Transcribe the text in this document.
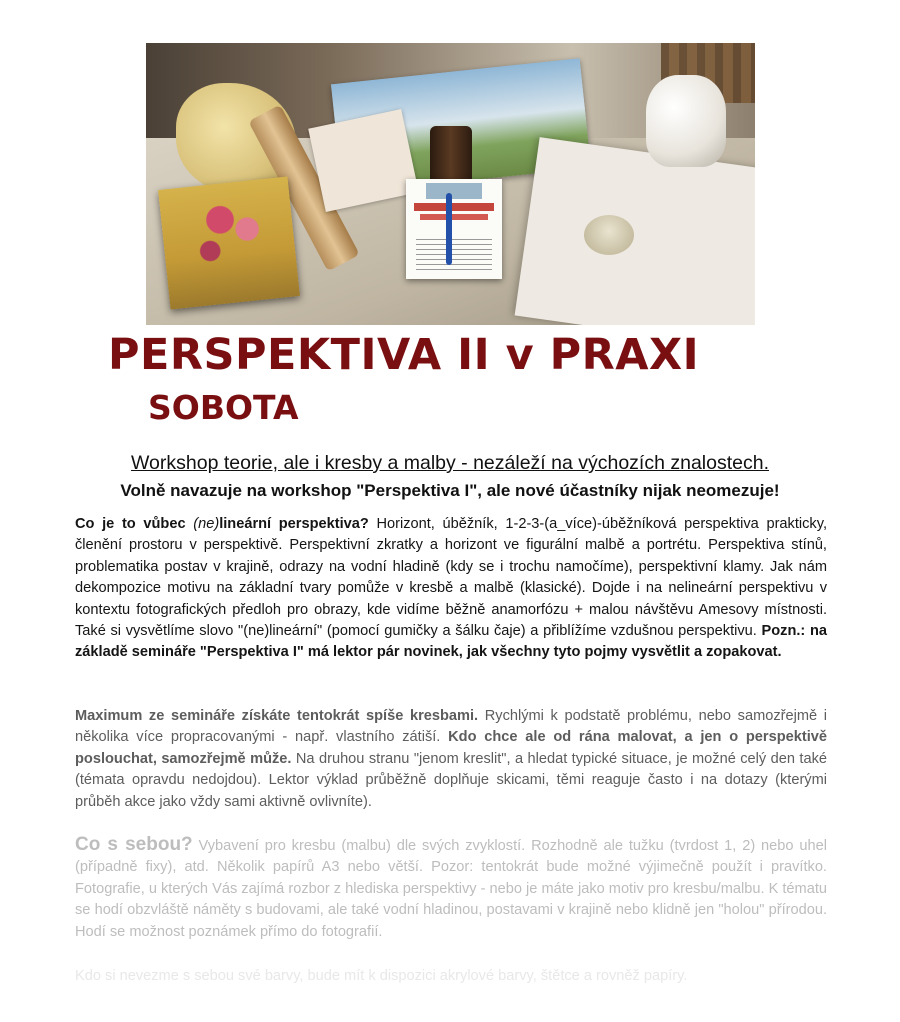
PERSPEKTIVA II v PRAXI
SOBOTA

Workshop teorie, ale i kresby a malby - nezáleží na výchozích znalostech.

Volně navazuje na workshop "Perspektiva I", ale nové účastníky nijak neomezuje!

Co je to vůbec (ne)lineární perspektiva? Horizont, úběžník, 1-2-3-(a_více)-úběžníková perspektiva prakticky, členění prostoru v perspektivě. Perspektivní zkratky a horizont ve figurální malbě a portrétu. Perspektiva stínů, problematika postav v krajině, odrazy na vodní hladině (kdy se i trochu namočíme), perspektivní klamy. Jak nám dekompozice motivu na základní tvary pomůže v kresbě a malbě (klasické). Dojde i na nelineární perspektivu v kontextu fotografických předloh pro obrazy, kde vidíme běžně anamorfózu + malou návštěvu Amesovy místnosti. Také si vysvětlíme slovo "(ne)lineární" (pomocí gumičky a šálku čaje) a přiblížíme vzdušnou perspektivu. Pozn.: na základě semináře "Perspektiva I" má lektor pár novinek, jak všechny tyto pojmy vysvětlit a zopakovat.

Maximum ze semináře získáte tentokrát spíše kresbami. Rychlými k podstatě problému, nebo samozřejmě i několika více propracovanými - např. vlastního zátiší. Kdo chce ale od rána malovat, a jen o perspektivě poslouchat, samozřejmě může. Na druhou stranu "jenom kreslit", a hledat typické situace, je možné celý den také (témata opravdu nedojdou). Lektor výklad průběžně doplňuje skicami, těmi reaguje často i na dotazy (kterými průběh akce jako vždy sami aktivně ovlivníte).

Co s sebou? Vybavení pro kresbu (malbu) dle svých zvyklostí. Rozhodně ale tužku (tvrdost 1, 2) nebo uhel (případně fixy), atd. Několik papírů A3 nebo větší. Pozor: tentokrát bude možné výjimečně použít i pravítko. Fotografie, u kterých Vás zajímá rozbor z hlediska perspektivy - nebo je máte jako motiv pro kresbu/malbu. K tématu se hodí obzvláště náměty s budovami, ale také vodní hladinou, postavami v krajině nebo klidně jen "holou" přírodou. Hodí se možnost poznámek přímo do fotografií.

Kdo si nevezme s sebou své barvy, bude mít k dispozici akrylové barvy, štětce a rovněž papíry.
